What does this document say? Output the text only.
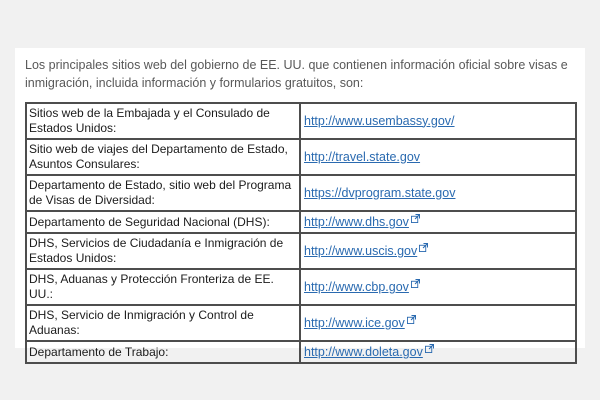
Los principales sitios web del gobierno de EE. UU. que contienen información oficial sobre visas e inmigración, incluida información y formularios gratuitos, son:

Sitios web de la Embajada y el Consulado de Estados Unidos:	http://www.usembassy.gov/
Sitio web de viajes del Departamento de Estado, Asuntos Consulares:	http://travel.state.gov
Departamento de Estado, sitio web del Programa de Visas de Diversidad:	https://dvprogram.state.gov
Departamento de Seguridad Nacional (DHS):	http://www.dhs.gov
DHS, Servicios de Ciudadanía e Inmigración de Estados Unidos:	http://www.uscis.gov
DHS, Aduanas y Protección Fronteriza de EE. UU.:	http://www.cbp.gov
DHS, Servicio de Inmigración y Control de Aduanas:	http://www.ice.gov
Departamento de Trabajo:	http://www.doleta.gov
